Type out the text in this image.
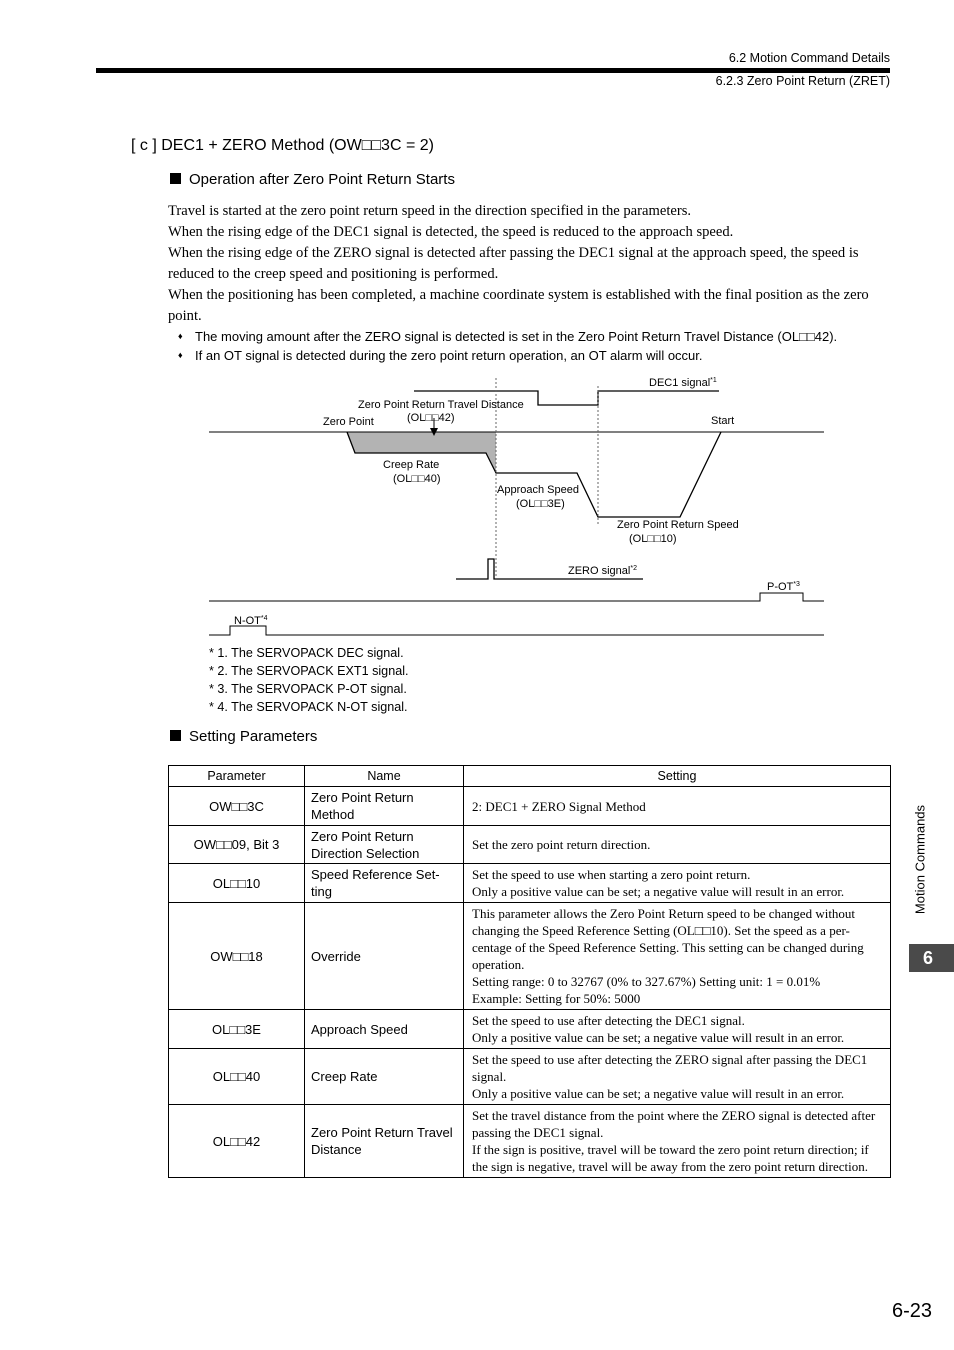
6.2 Motion Command Details
6.2.3 Zero Point Return (ZRET)
[ c ] DEC1 + ZERO Method (OW□□3C = 2)
Operation after Zero Point Return Starts

Travel is started at the zero point return speed in the direction specified in the parameters.

When the rising edge of the DEC1 signal is detected, the speed is reduced to the approach speed.

When the rising edge of the ZERO signal is detected after passing the DEC1 signal at the approach speed, the speed is reduced to the creep speed and positioning is performed.

When the positioning has been completed, a machine coordinate system is established with the final position as the zero point.

♦ The moving amount after the ZERO signal is detected is set in the Zero Point Return Travel Distance (OL□□42).
♦ If an OT signal is detected during the zero point return operation, an OT alarm will occur.
DEC1 signal$^{*1}$
Zero Point Return Travel Distance
(OL□□42)
Zero Point	Start
Creep Rate
(OL□□40)
Approach Speed
(OL□□3E)
Zero Point Return Speed
(OL□□10)
ZERO signal$^{*2}$
P-OT$^{*3}$
N-OT$^{*4}$
* 1. The SERVOPACK DEC signal.
* 2. The SERVOPACK EXT1 signal.
* 3. The SERVOPACK P-OT signal.
* 4. The SERVOPACK N-OT signal.
Setting Parameters
Parameter	Name	Setting
OW□□3C	Zero Point Return Method	2: DEC1 + ZERO Signal Method

OW□□09, Bit 3	Zero Point Return Direction Selection	Set the zero point return direction.

OL□□10	Speed Reference Set-ting	Set the speed to use when starting a zero point return.
Only a positive value can be set; a negative value will result in an error.

OW□□18	Override	This parameter allows the Zero Point Return speed to be changed without changing the Speed Reference Setting (OL□□10). Set the speed as a per-centage of the Speed Reference Setting. This setting can be changed during operation.
Setting range: 0 to 32767 (0% to 327.67%) Setting unit: 1 = 0.01%
Example: Setting for 50%: 5000

OL□□3E	Approach Speed	Set the speed to use after detecting the DEC1 signal.
Only a positive value can be set; a negative value will result in an error.

OL□□40	Creep Rate	Set the speed to use after detecting the ZERO signal after passing the DEC1 signal.
Only a positive value can be set; a negative value will result in an error.

OL□□42	Zero Point Return Travel Distance	Set the travel distance from the point where the ZERO signal is detected after passing the DEC1 signal.
If the sign is positive, travel will be toward the zero point return direction; if the sign is negative, travel will be away from the zero point return direction.
Motion Commands
6
6-23
